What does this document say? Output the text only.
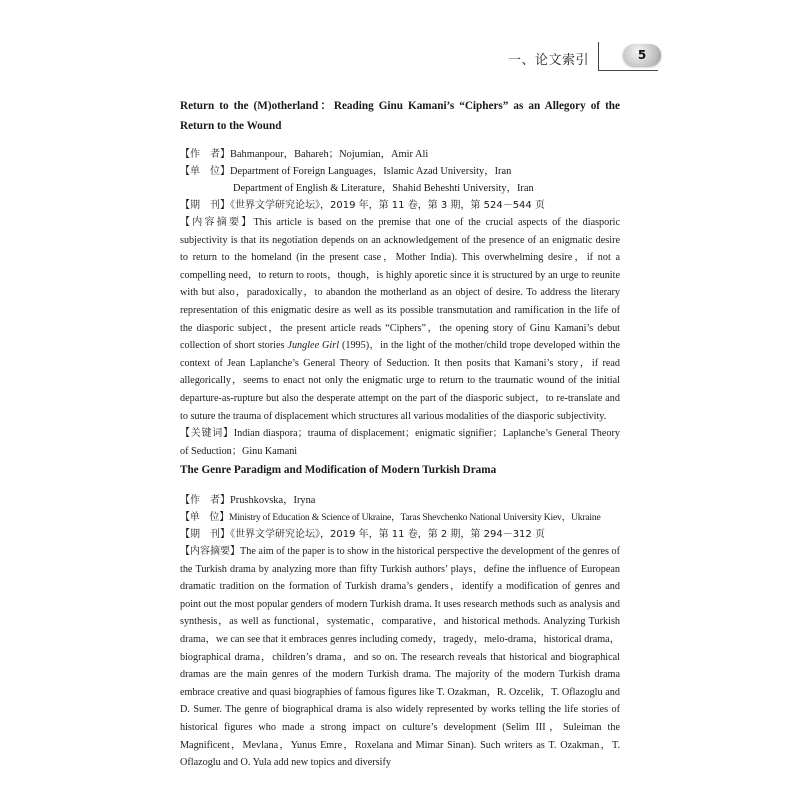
一、论文索引	5

Return to the (M)otherland：Reading Ginu Kamani’s “Ciphers” as an Allegory of the Return to the Wound

【作　者】Bahmanpour，Bahareh；Nojumian，Amir Ali
【单　位】Department of Foreign Languages，Islamic Azad University，Iran
Department of English & Literature，Shahid Beheshti University，Iran
【期　刊】《世界文学研究论坛》，2019 年，第 11 卷，第 3 期，第 524－544 页

【内容摘要】This article is based on the premise that one of the crucial aspects of the diasporic subjectivity is that its negotiation depends on an acknowledgement of the presence of an enigmatic desire to return to the homeland (in the present case，Mother India). This overwhelming desire，if not a compelling need，to return to roots，though，is highly aporetic since it is structured by an urge to reunite with but also，paradoxically，to abandon the motherland as an object of desire. To address the literary representation of this enigmatic desire as well as its possible transmutation and ramification in the life of the diasporic subject，the present article reads “Ciphers”，the opening story of Ginu Kamani’s debut collection of short stories Junglee Girl (1995)，in the light of the mother/child trope developed within the context of Jean Laplanche’s General Theory of Seduction. It then posits that Kamani’s story，if read allegorically，seems to enact not only the enigmatic urge to return to the traumatic wound of the initial departure-as-rupture but also the desperate attempt on the part of the diasporic subject，to re-translate and to suture the trauma of displacement which structures all various modalities of the diasporic subjectivity.

【关键词】Indian diaspora；trauma of displacement；enigmatic signifier；Laplanche’s General Theory of Seduction；Ginu Kamani

The Genre Paradigm and Modification of Modern Turkish Drama

【作　者】Prushkovska，Iryna
【单　位】Ministry of Education & Science of Ukraine，Taras Shevchenko National University Kiev，Ukraine
【期　刊】《世界文学研究论坛》，2019 年，第 11 卷，第 2 期，第 294－312 页

【内容摘要】The aim of the paper is to show in the historical perspective the development of the genres of the Turkish drama by analyzing more than fifty Turkish authors’ plays，define the influence of European dramatic tradition on the formation of Turkish drama’s genders，identify a modification of genres and point out the most popular genders of modern Turkish drama. It uses research methods such as analysis and synthesis，as well as functional，systematic，comparative，and historical methods. Analyzing Turkish drama，we can see that it embraces genres including comedy，tragedy，melo-drama，historical drama，biographical drama，children’s drama，and so on. The research reveals that historical and biographical dramas are the main genres of the modern Turkish drama. The majority of the modern Turkish drama embrace creative and quasi biographies of famous figures like T. Ozakman，R. Ozcelik，T. Oflazoglu and D. Sumer. The genre of biographical drama is also widely represented by works telling the life stories of historical figures who made a strong impact on culture’s development (Selim III，Suleiman the Magnificent，Mevlana，Yunus Emre，Roxelana and Mimar Sinan). Such writers as T. Ozakman，T. Oflazoglu and O. Yula add new topics and diversify
